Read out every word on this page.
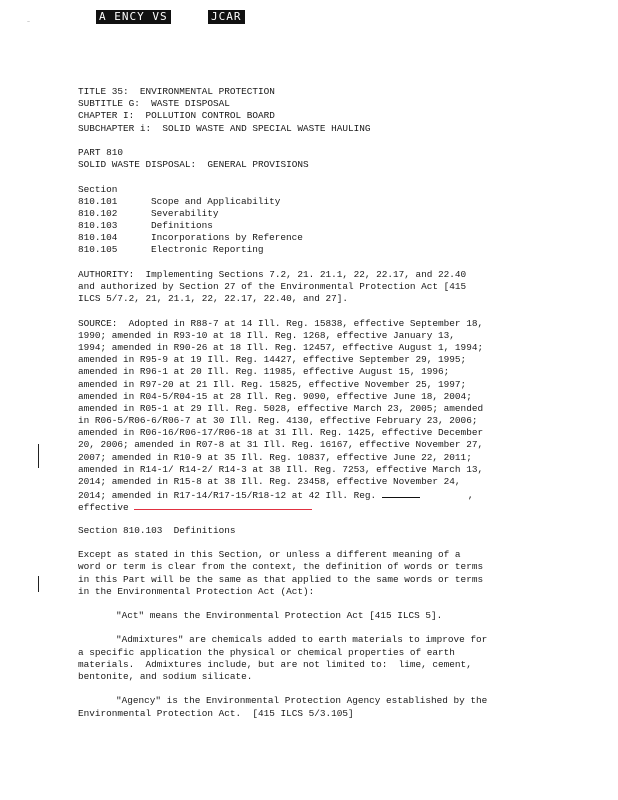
–	A ENCY VS	JCAR
TITLE 35:  ENVIRONMENTAL PROTECTION
SUBTITLE G:  WASTE DISPOSAL
CHAPTER I:  POLLUTION CONTROL BOARD
SUBCHAPTER i:  SOLID WASTE AND SPECIAL WASTE HAULING
PART 810
SOLID WASTE DISPOSAL:  GENERAL PROVISIONS
Section
810.101	Scope and Applicability
810.102	Severability
810.103	Definitions
810.104	Incorporations by Reference
810.105	Electronic Reporting
AUTHORITY:  Implementing Sections 7.2, 21. 21.1, 22, 22.17, and 22.40
and authorized by Section 27 of the Environmental Protection Act [415
ILCS 5/7.2, 21, 21.1, 22, 22.17, 22.40, and 27].
SOURCE:  Adopted in R88-7 at 14 Ill. Reg. 15838, effective September 18,
1990; amended in R93-10 at 18 Ill. Reg. 1268, effective January 13,
1994; amended in R90-26 at 18 Ill. Reg. 12457, effective August 1, 1994;
amended in R95-9 at 19 Ill. Reg. 14427, effective September 29, 1995;
amended in R96-1 at 20 Ill. Reg. 11985, effective August 15, 1996;
amended in R97-20 at 21 Ill. Reg. 15825, effective November 25, 1997;
amended in R04-5/R04-15 at 28 Ill. Reg. 9090, effective June 18, 2004;
amended in R05-1 at 29 Ill. Reg. 5028, effective March 23, 2005; amended
in R06-5/R06-6/R06-7 at 30 Ill. Reg. 4130, effective February 23, 2006;
amended in R06-16/R06-17/R06-18 at 31 Ill. Reg. 1425, effective December
20, 2006; amended in R07-8 at 31 Ill. Reg. 16167, effective November 27,
2007; amended in R10-9 at 35 Ill. Reg. 10837, effective June 22, 2011;
amended in R14-1/ R14-2/ R14-3 at 38 Ill. Reg. 7253, effective March 13,
2014; amended in R15-8 at 38 Ill. Reg. 23458, effective November 24,
2014; amended in R17-14/R17-15/R18-12 at 42 Ill. Reg.	,
effective
Section 810.103  Definitions
Except as stated in this Section, or unless a different meaning of a
word or term is clear from the context, the definition of words or terms
in this Part will be the same as that applied to the same words or terms
in the Environmental Protection Act (Act):
"Act" means the Environmental Protection Act [415 ILCS 5].
"Admixtures" are chemicals added to earth materials to improve for
a specific application the physical or chemical properties of earth
materials.  Admixtures include, but are not limited to:  lime, cement,
bentonite, and sodium silicate.
"Agency" is the Environmental Protection Agency established by the
Environmental Protection Act.  [415 ILCS 5/3.105]
